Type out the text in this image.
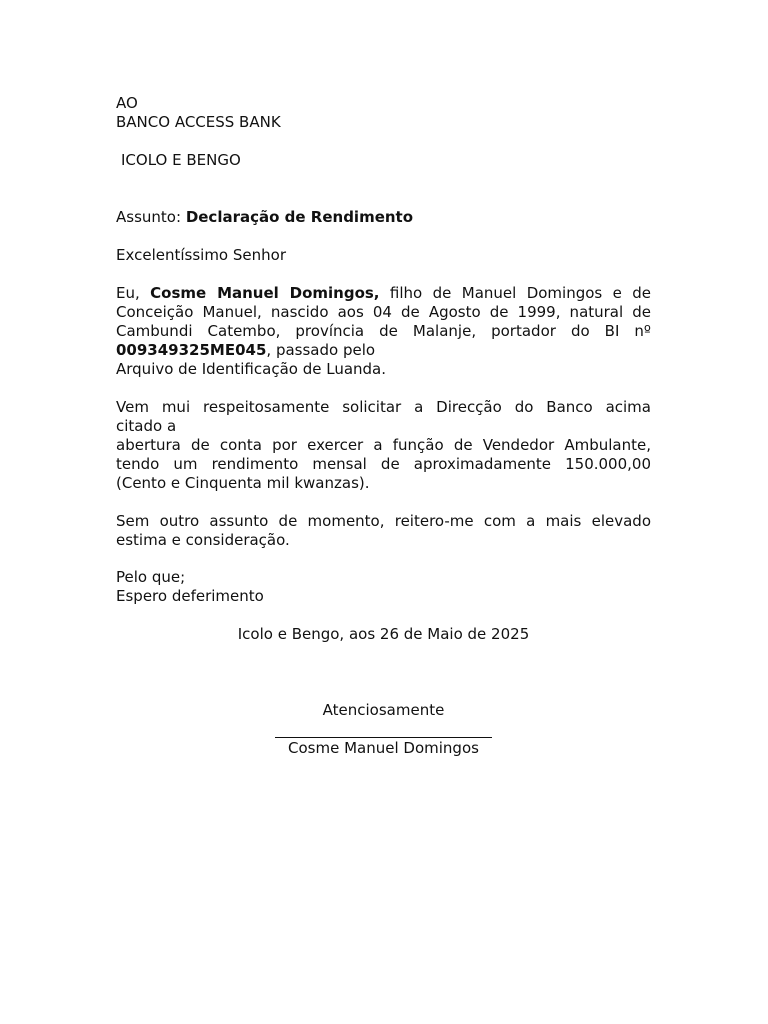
AO
BANCO ACCESS BANK
ICOLO E BENGO
Assunto: Declaração de Rendimento
Excelentíssimo Senhor
Eu, Cosme Manuel Domingos, filho de Manuel Domingos e de
Conceição Manuel, nascido aos 04 de Agosto de 1999, natural de
Cambundi Catembo, província de Malanje, portador do BI nº
009349325ME045, passado pelo
Arquivo de Identificação de Luanda.
Vem mui respeitosamente solicitar a Direcção do Banco acima
citado a
abertura de conta por exercer a função de Vendedor Ambulante,
tendo um rendimento mensal de aproximadamente 150.000,00
(Cento e Cinquenta mil kwanzas).
Sem outro assunto de momento, reitero-me com a mais elevado
estima e consideração.
Pelo que;
Espero deferimento
Icolo e Bengo, aos 26 de Maio de 2025
Atenciosamente
Cosme Manuel Domingos
